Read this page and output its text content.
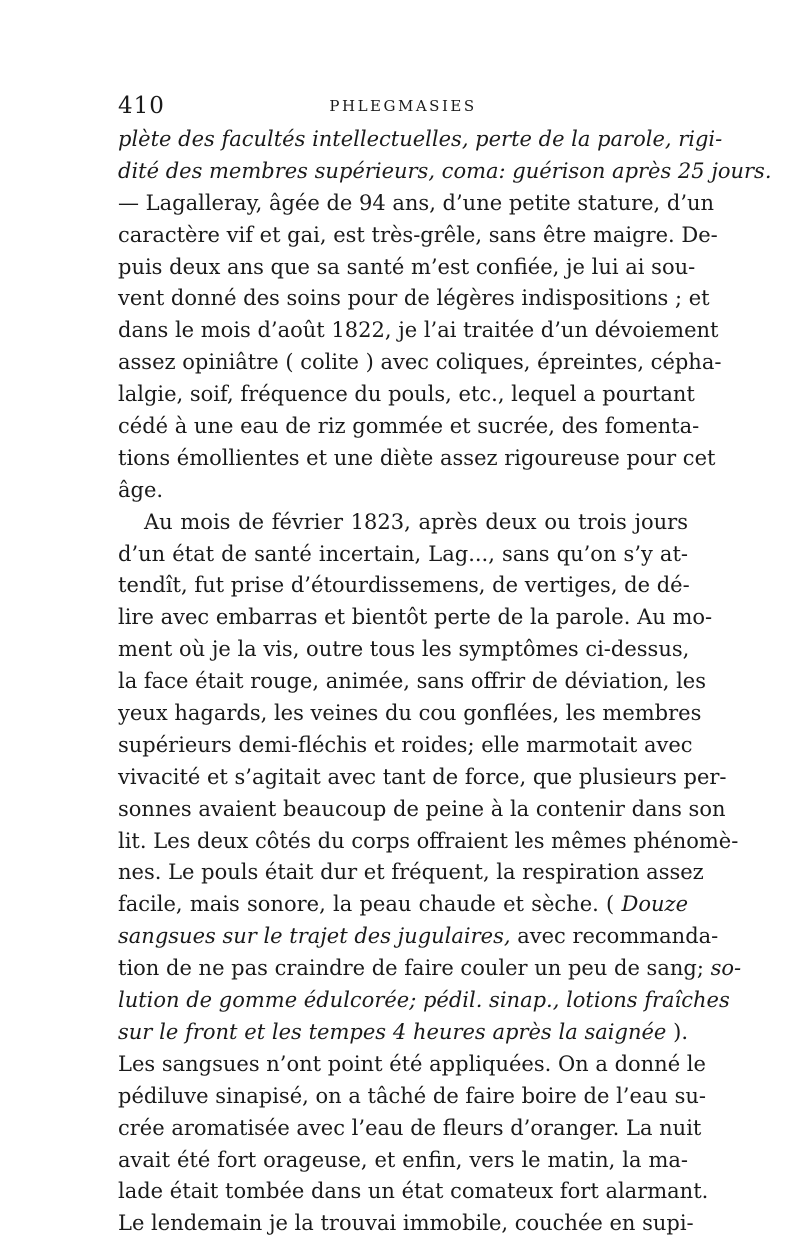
410	PHLEGMASIES
plète des facultés intellectuelles, perte de la parole, rigi-
dité des membres supérieurs, coma: guérison après 25 jours.
— Lagalleray, âgée de 94 ans, d’une petite stature, d’un
caractère vif et gai, est très-grêle, sans être maigre. De-
puis deux ans que sa santé m’est confiée, je lui ai sou-
vent donné des soins pour de légères indispositions ; et
dans le mois d’août 1822, je l’ai traitée d’un dévoiement
assez opiniâtre ( colite ) avec coliques, épreintes, cépha-
lalgie, soif, fréquence du pouls, etc., lequel a pourtant
cédé à une eau de riz gommée et sucrée, des fomenta-
tions émollientes et une diète assez rigoureuse pour cet
âge.
Au mois de février 1823, après deux ou trois jours
d’un état de santé incertain, Lag..., sans qu’on s’y at-
tendît, fut prise d’étourdissemens, de vertiges, de dé-
lire avec embarras et bientôt perte de la parole. Au mo-
ment où je la vis, outre tous les symptômes ci-dessus,
la face était rouge, animée, sans offrir de déviation, les
yeux hagards, les veines du cou gonflées, les membres
supérieurs demi-fléchis et roides; elle marmotait avec
vivacité et s’agitait avec tant de force, que plusieurs per-
sonnes avaient beaucoup de peine à la contenir dans son
lit. Les deux côtés du corps offraient les mêmes phénomè-
nes. Le pouls était dur et fréquent, la respiration assez
facile, mais sonore, la peau chaude et sèche. ( Douze
sangsues sur le trajet des jugulaires, avec recommanda-
tion de ne pas craindre de faire couler un peu de sang; so-
lution de gomme édulcorée; pédil. sinap., lotions fraîches
sur le front et les tempes 4 heures après la saignée ).
Les sangsues n’ont point été appliquées. On a donné le
pédiluve sinapisé, on a tâché de faire boire de l’eau su-
crée aromatisée avec l’eau de fleurs d’oranger. La nuit
avait été fort orageuse, et enfin, vers le matin, la ma-
lade était tombée dans un état comateux fort alarmant.
Le lendemain je la trouvai immobile, couchée en supi-
